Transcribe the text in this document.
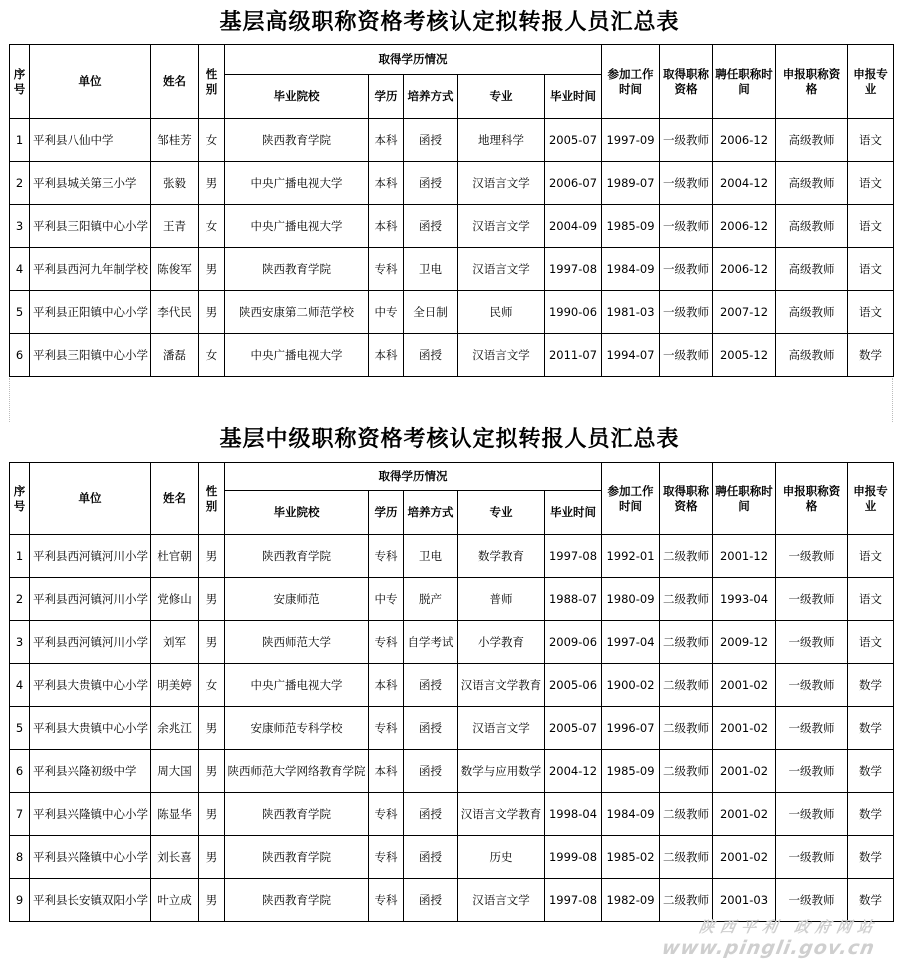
基层高级职称资格考核认定拟转报人员汇总表
序号	单位	姓名	性别	取得学历情况					参加工作时间	取得职称资格	聘任职称时间	申报职称资格	申报专业
				毕业院校	学历	培养方式	专业	毕业时间					
1	平利县八仙中学	邹桂芳	女	陕西教育学院	本科	函授	地理科学	2005-07	1997-09	一级教师	2006-12	高级教师	语文
2	平利县城关第三小学	张毅	男	中央广播电视大学	本科	函授	汉语言文学	2006-07	1989-07	一级教师	2004-12	高级教师	语文
3	平利县三阳镇中心小学	王青	女	中央广播电视大学	本科	函授	汉语言文学	2004-09	1985-09	一级教师	2006-12	高级教师	语文
4	平利县西河九年制学校	陈俊军	男	陕西教育学院	专科	卫电	汉语言文学	1997-08	1984-09	一级教师	2006-12	高级教师	语文
5	平利县正阳镇中心小学	李代民	男	陕西安康第二师范学校	中专	全日制	民师	1990-06	1981-03	一级教师	2007-12	高级教师	语文
6	平利县三阳镇中心小学	潘磊	女	中央广播电视大学	本科	函授	汉语言文学	2011-07	1994-07	一级教师	2005-12	高级教师	数学
基层中级职称资格考核认定拟转报人员汇总表
序号	单位	姓名	性别	取得学历情况					参加工作时间	取得职称资格	聘任职称时间	申报职称资格	申报专业
				毕业院校	学历	培养方式	专业	毕业时间					
1	平利县西河镇河川小学	杜官朝	男	陕西教育学院	专科	卫电	数学教育	1997-08	1992-01	二级教师	2001-12	一级教师	语文
2	平利县西河镇河川小学	党修山	男	安康师范	中专	脱产	普师	1988-07	1980-09	二级教师	1993-04	一级教师	语文
3	平利县西河镇河川小学	刘军	男	陕西师范大学	专科	自学考试	小学教育	2009-06	1997-04	二级教师	2009-12	一级教师	语文
4	平利县大贵镇中心小学	明美婷	女	中央广播电视大学	本科	函授	汉语言文学教育	2005-06	1900-02	二级教师	2001-02	一级教师	数学
5	平利县大贵镇中心小学	余兆江	男	安康师范专科学校	专科	函授	汉语言文学	2005-07	1996-07	二级教师	2001-02	一级教师	数学
6	平利县兴隆初级中学	周大国	男	陕西师范大学网络教育学院	本科	函授	数学与应用数学	2004-12	1985-09	二级教师	2001-02	一级教师	数学
7	平利县兴隆镇中心小学	陈显华	男	陕西教育学院	专科	函授	汉语言文学教育	1998-04	1984-09	二级教师	2001-02	一级教师	数学
8	平利县兴隆镇中心小学	刘长喜	男	陕西教育学院	专科	函授	历史	1999-08	1985-02	二级教师	2001-02	一级教师	数学
9	平利县长安镇双阳小学	叶立成	男	陕西教育学院	专科	函授	汉语言文学	1997-08	1982-09	二级教师	2001-03	一级教师	数学
陕西平利 政府网站
www.pingli.gov.cn
